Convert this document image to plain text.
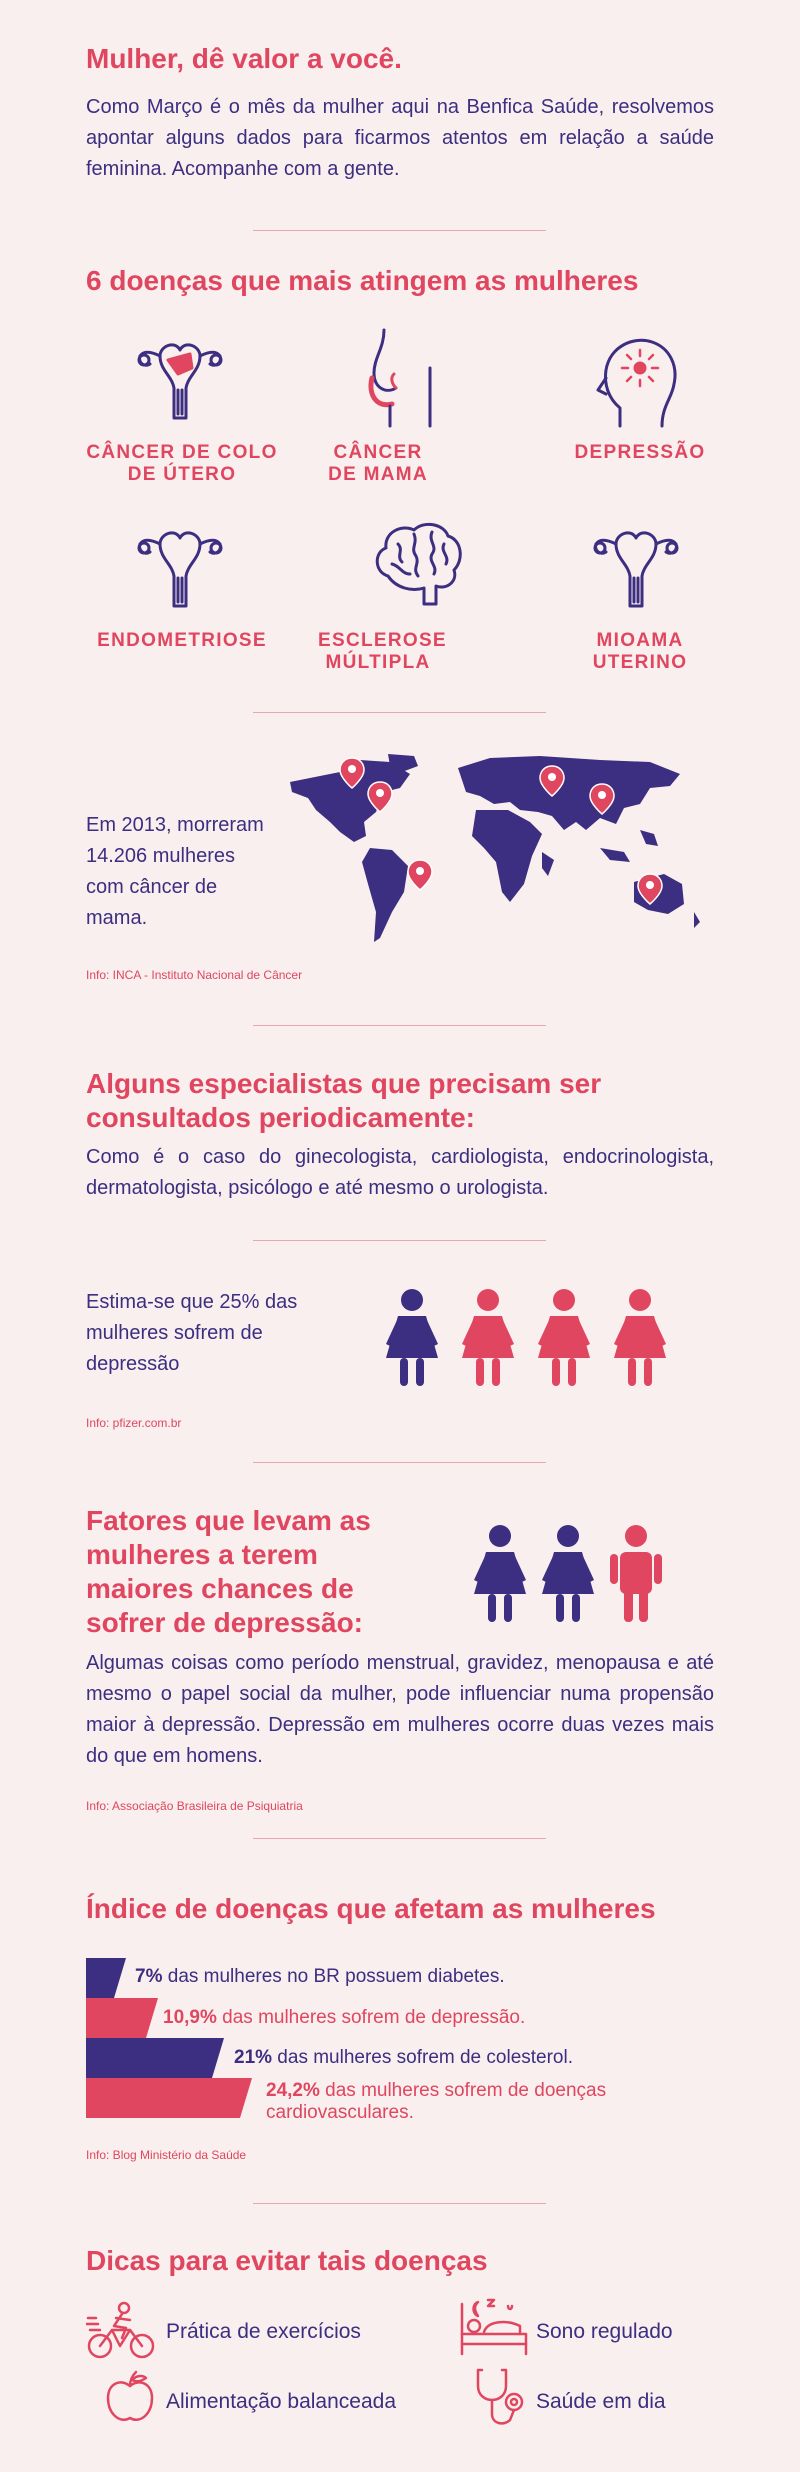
Mulher, dê valor a você.
Como Março é o mês da mulher aqui na Benfica Saúde, resolvemos apontar alguns dados para ficarmos atentos em relação a saúde feminina. Acompanhe com a gente.
6 doenças que mais atingem as mulheres
CÂNCER DE COLO DE ÚTERO
CÂNCER DE MAMA
DEPRESSÃO
ENDOMETRIOSE	ESCLEROSE MÚLTIPLA
MIOAMA UTERINO
Em 2013, morreram 14.206 mulheres com câncer de mama.
Info: INCA - Instituto Nacional de Câncer
Alguns especialistas que precisam ser consultados periodicamente:
Como é o caso do ginecologista, cardiologista, endocrinologista, dermatologista, psicólogo e até mesmo o urologista.
Estima-se que 25% das mulheres sofrem de depressão
Info: pfizer.com.br
Fatores que levam as mulheres a terem maiores chances de sofrer de depressão:
Algumas coisas como período menstrual, gravidez, menopausa e até mesmo o papel social da mulher, pode influenciar numa propensão maior à depressão. Depressão em mulheres ocorre duas vezes mais do que em homens.
Info: Associação Brasileira de Psiquiatria
Índice de doenças que afetam as mulheres
7% das mulheres no BR possuem diabetes.
10,9% das mulheres sofrem de depressão.
21% das mulheres sofrem de colesterol.
24,2% das mulheres sofrem de doenças
cardiovasculares.
Info: Blog Ministério da Saúde
Dicas para evitar tais doenças
Prática de exercícios	Sono regulado
Alimentação balanceada	Saúde em dia
